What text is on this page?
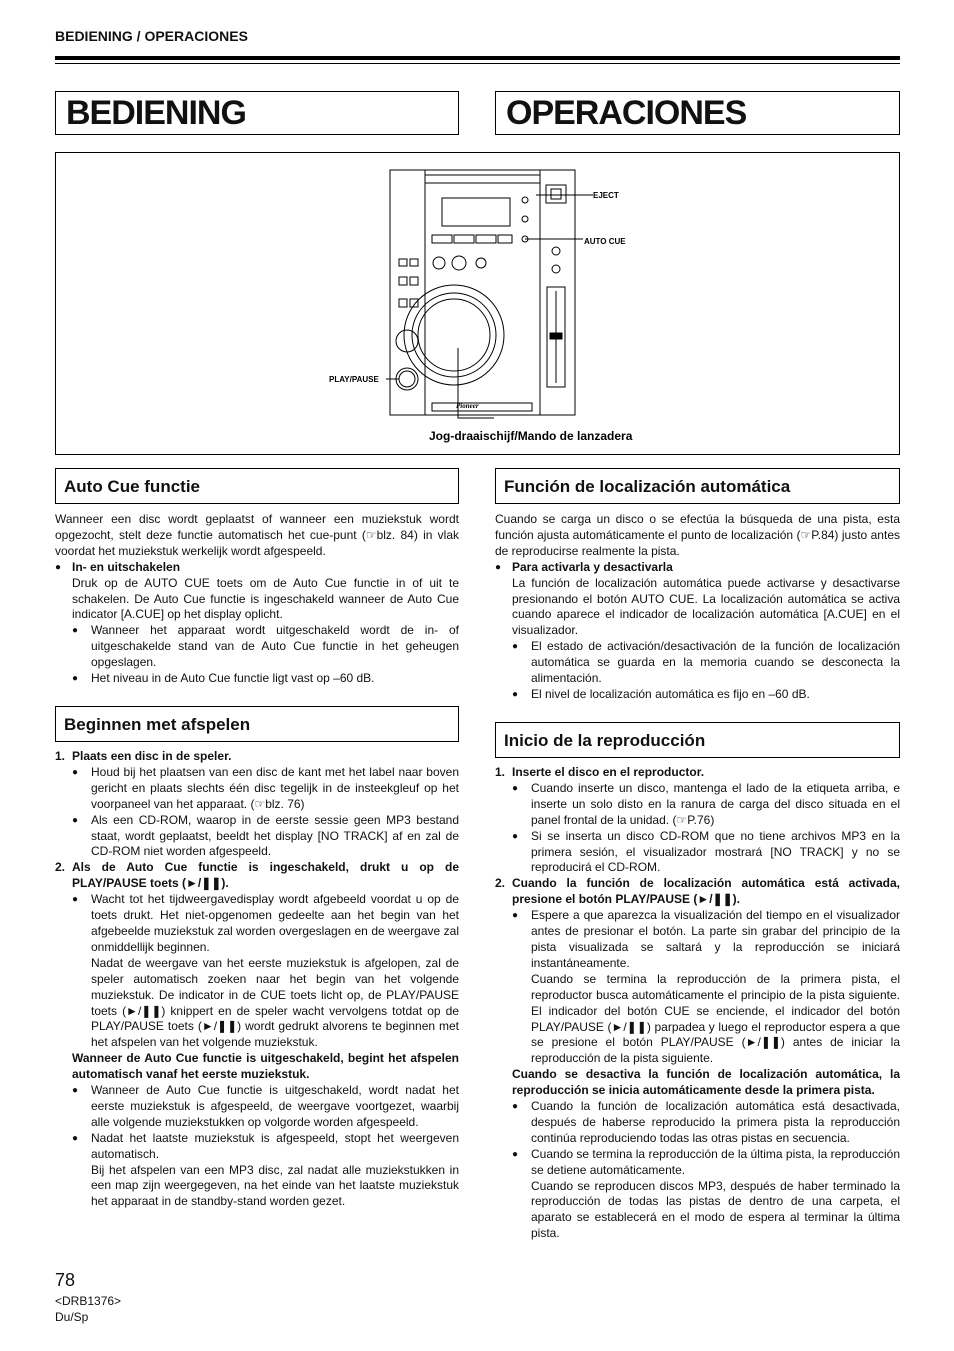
BEDIENING / OPERACIONES
BEDIENING	OPERACIONES
EJECT
AUTO CUE
PLAY/PAUSE
Pioneer
Jog-draaischijf/Mando de lanzadera
Auto Cue functie

Wanneer een disc wordt geplaatst of wanneer een muziekstuk wordt opgezocht, stelt deze functie automatisch het cue-punt (☞blz. 84) in vlak voordat het muziekstuk werkelijk wordt afgespeeld.

● In- en uitschakelen

Druk op de AUTO CUE toets om de Auto Cue functie in of uit te schakelen. De Auto Cue functie is ingeschakeld wanneer de Auto Cue indicator [A.CUE] op het display oplicht.

● Wanneer het apparaat wordt uitgeschakeld wordt de in- of uitgeschakelde stand van de Auto Cue functie in het geheugen opgeslagen.

● Het niveau in de Auto Cue functie ligt vast op –60 dB.

Beginnen met afspelen

1. Plaats een disc in de speler.

● Houd bij het plaatsen van een disc de kant met het label naar boven gericht en plaats slechts één disc tegelijk in de insteekgleuf op het voorpaneel van het apparaat. (☞blz. 76)

● Als een CD-ROM, waarop in de eerste sessie geen MP3 bestand staat, wordt geplaatst, beeldt het display [NO TRACK] af en zal de CD-ROM niet worden afgespeeld.

2. Als de Auto Cue functie is ingeschakeld, drukt u op de PLAY/PAUSE toets (►/❚❚).

● Wacht tot het tijdweergavedisplay wordt afgebeeld voordat u op de toets drukt. Het niet-opgenomen gedeelte aan het begin van het afgebeelde muziekstuk zal worden overgeslagen en de weergave zal onmiddellijk beginnen.

Nadat de weergave van het eerste muziekstuk is afgelopen, zal de speler automatisch zoeken naar het begin van het volgende muziekstuk. De indicator in de CUE toets licht op, de PLAY/PAUSE toets (►/❚❚) knippert en de speler wacht vervolgens totdat op de PLAY/PAUSE toets (►/❚❚) wordt gedrukt alvorens te beginnen met het afspelen van het volgende muziekstuk.

Wanneer de Auto Cue functie is uitgeschakeld, begint het afspelen automatisch vanaf het eerste muziekstuk.

● Wanneer de Auto Cue functie is uitgeschakeld, wordt nadat het eerste muziekstuk is afgespeeld, de weergave voortgezet, waarbij alle volgende muziekstukken op volgorde worden afgespeeld.

● Nadat het laatste muziekstuk is afgespeeld, stopt het weergeven automatisch.

Bij het afspelen van een MP3 disc, zal nadat alle muziekstukken in een map zijn weergegeven, na het einde van het laatste muziekstuk het apparaat in de standby-stand worden gezet.

Función de localización automática

Cuando se carga un disco o se efectúa la búsqueda de una pista, esta función ajusta automáticamente el punto de localización (☞P.84) justo antes de reproducirse realmente la pista.

● Para activarla y desactivarla

La función de localización automática puede activarse y desactivarse presionando el botón AUTO CUE. La localización automática se activa cuando aparece el indicador de localización automática [A.CUE] en el visualizador.

● El estado de activación/desactivación de la función de localización automática se guarda en la memoria cuando se desconecta la alimentación.

● El nivel de localización automática es fijo en –60 dB.

Inicio de la reproducción

1. Inserte el disco en el reproductor.

● Cuando inserte un disco, mantenga el lado de la etiqueta arriba, e inserte un solo disto en la ranura de carga del disco situada en el panel frontal de la unidad. (☞P.76)

● Si se inserta un disco CD-ROM que no tiene archivos MP3 en la primera sesión, el visualizador mostrará [NO TRACK] y no se reproducirá el CD-ROM.

2. Cuando la función de localización automática está activada, presione el botón PLAY/PAUSE (►/❚❚).

● Espere a que aparezca la visualización del tiempo en el visualizador antes de presionar el botón. La parte sin grabar del principio de la pista visualizada se saltará y la reproducción se iniciará instantáneamente.

Cuando se termina la reproducción de la primera pista, el reproductor busca automáticamente el principio de la pista siguiente. El indicador del botón CUE se enciende, el indicador del botón PLAY/PAUSE (►/❚❚) parpadea y luego el reproductor espera a que se presione el botón PLAY/PAUSE (►/❚❚) antes de iniciar la reproducción de la pista siguiente.

Cuando se desactiva la función de localización automática, la reproducción se inicia automáticamente desde la primera pista.

● Cuando la función de localización automática está desactivada, después de haberse reproducido la primera pista la reproducción continúa reproduciendo todas las otras pistas en secuencia.

● Cuando se termina la reproducción de la última pista, la reproducción se detiene automáticamente.

Cuando se reproducen discos MP3, después de haber terminado la reproducción de todas las pistas de dentro de una carpeta, el aparato se establecerá en el modo de espera al terminar la última pista.

78
<DRB1376>
Du/Sp
